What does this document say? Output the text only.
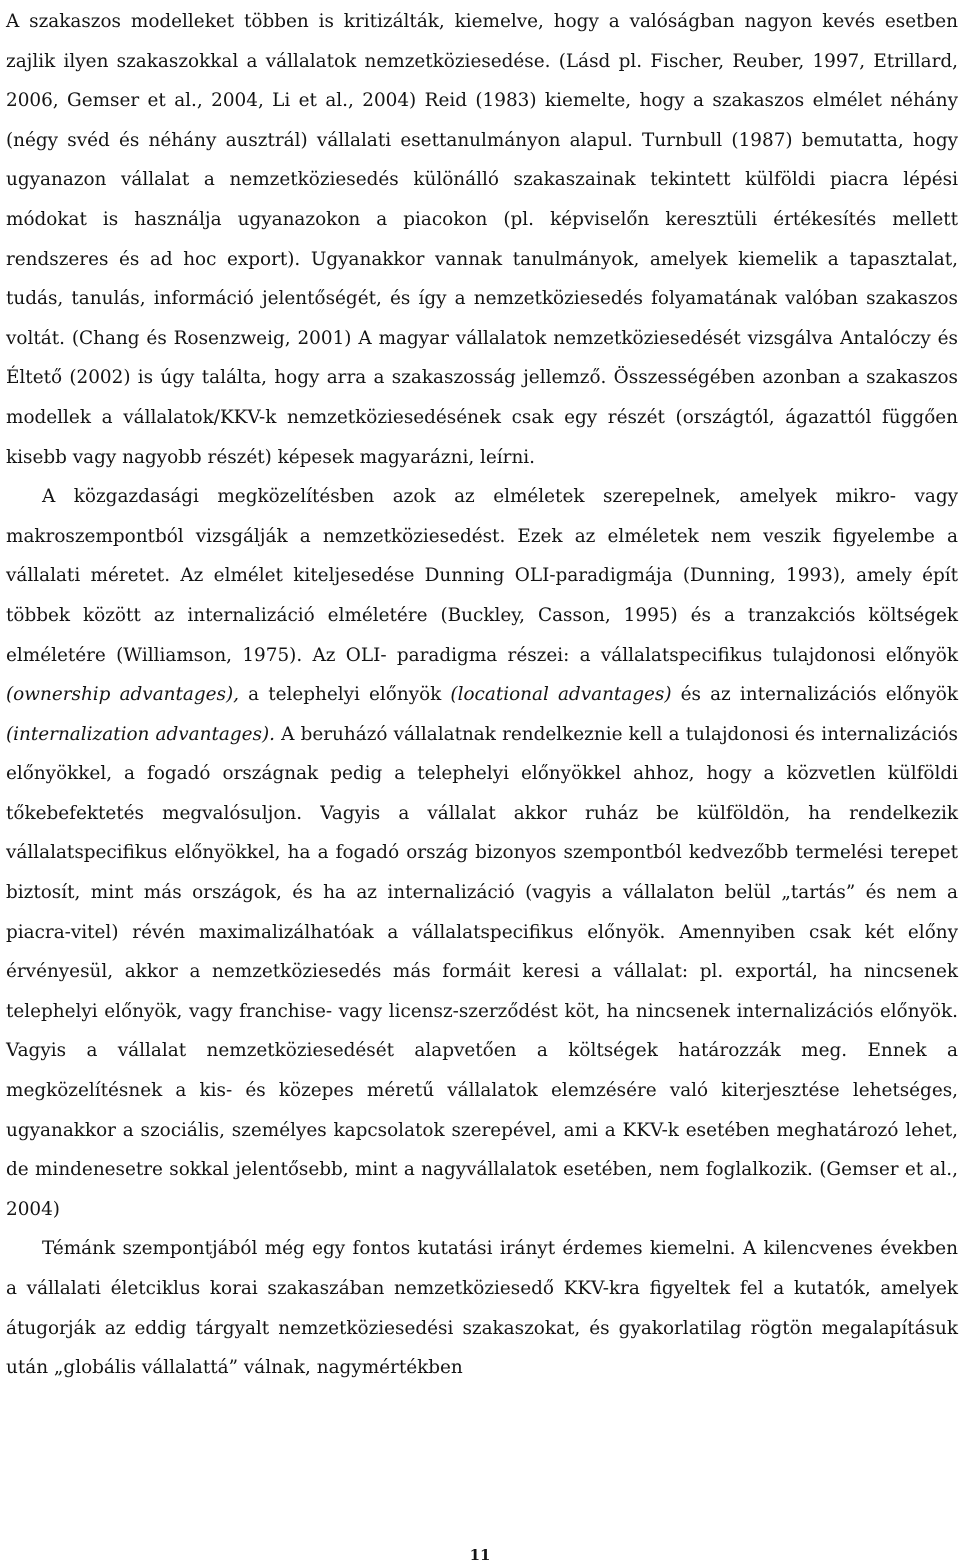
A szakaszos modelleket többen is kritizálták, kiemelve, hogy a valóságban nagyon kevés esetben zajlik ilyen szakaszokkal a vállalatok nemzetköziesedése. (Lásd pl. Fischer, Reuber, 1997, Etrillard, 2006, Gemser et al., 2004, Li et al., 2004) Reid (1983) kiemelte, hogy a szakaszos elmélet néhány (négy svéd és néhány ausztrál) vállalati esettanulmányon alapul. Turnbull (1987) bemutatta, hogy ugyanazon vállalat a nemzetköziesedés különálló szakaszainak tekintett külföldi piacra lépési módokat is használja ugyanazokon a piacokon (pl. képviselőn keresztüli értékesítés mellett rendszeres és ad hoc export). Ugyanakkor vannak tanulmányok, amelyek kiemelik a tapasztalat, tudás, tanulás, információ jelentőségét, és így a nemzetköziesedés folyamatának valóban szakaszos voltát. (Chang és Rosenzweig, 2001) A magyar vállalatok nemzetköziesedését vizsgálva Antalóczy és Éltető (2002) is úgy találta, hogy arra a szakaszosság jellemző. Összességében azonban a szakaszos modellek a vállalatok/KKV-k nemzetköziesedésének csak egy részét (országtól, ágazattól függően kisebb vagy nagyobb részét) képesek magyarázni, leírni.

A közgazdasági megközelítésben azok az elméletek szerepelnek, amelyek mikro- vagy makroszempontból vizsgálják a nemzetköziesedést. Ezek az elméletek nem veszik figyelembe a vállalati méretet. Az elmélet kiteljesedése Dunning OLI-paradigmája (Dunning, 1993), amely épít többek között az internalizáció elméletére (Buckley, Casson, 1995) és a tranzakciós költségek elméletére (Williamson, 1975). Az OLI- paradigma részei: a vállalatspecifikus tulajdonosi előnyök (ownership advantages), a telephelyi előnyök (locational advantages) és az internalizációs előnyök (internalization advantages). A beruházó vállalatnak rendelkeznie kell a tulajdonosi és internalizációs előnyökkel, a fogadó országnak pedig a telephelyi előnyökkel ahhoz, hogy a közvetlen külföldi tőkebefektetés megvalósuljon. Vagyis a vállalat akkor ruház be külföldön, ha rendelkezik vállalatspecifikus előnyökkel, ha a fogadó ország bizonyos szempontból kedvezőbb termelési terepet biztosít, mint más országok, és ha az internalizáció (vagyis a vállalaton belül „tartás” és nem a piacra-vitel) révén maximalizálhatóak a vállalatspecifikus előnyök. Amennyiben csak két előny érvényesül, akkor a nemzetköziesedés más formáit keresi a vállalat: pl. exportál, ha nincsenek telephelyi előnyök, vagy franchise- vagy licensz-szerződést köt, ha nincsenek internalizációs előnyök. Vagyis a vállalat nemzetköziesedését alapvetően a költségek határozzák meg. Ennek a megközelítésnek a kis- és közepes méretű vállalatok elemzésére való kiterjesztése lehetséges, ugyanakkor a szociális, személyes kapcsolatok szerepével, ami a KKV-k esetében meghatározó lehet, de mindenesetre sokkal jelentősebb, mint a nagyvállalatok esetében, nem foglalkozik. (Gemser et al., 2004)

Témánk szempontjából még egy fontos kutatási irányt érdemes kiemelni. A kilencvenes években a vállalati életciklus korai szakaszában nemzetköziesedő KKV-kra figyeltek fel a kutatók, amelyek átugorják az eddig tárgyalt nemzetköziesedési szakaszokat, és gyakorlatilag rögtön megalapításuk után „globális vállalattá” válnak, nagymértékben

11
